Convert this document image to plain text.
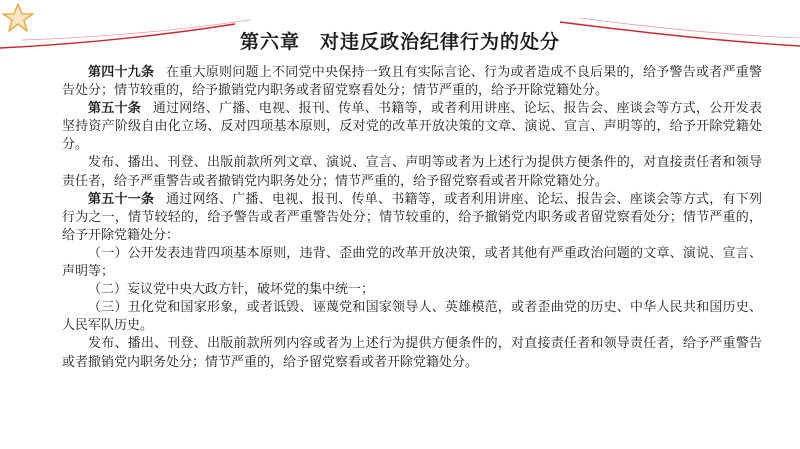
第六章　对违反政治纪律行为的处分

第四十九条 在重大原则问题上不同党中央保持一致且有实际言论、行为或者造成不良后果的，给予警告或者严重警告处分；情节较重的，给予撤销党内职务或者留党察看处分；情节严重的，给予开除党籍处分。

第五十条 通过网络、广播、电视、报刊、传单、书籍等，或者利用讲座、论坛、报告会、座谈会等方式，公开发表坚持资产阶级自由化立场、反对四项基本原则，反对党的改革开放决策的文章、演说、宣言、声明等的，给予开除党籍处分。

发布、播出、刊登、出版前款所列文章、演说、宣言、声明等或者为上述行为提供方便条件的，对直接责任者和领导责任者，给予严重警告或者撤销党内职务处分；情节严重的，给予留党察看或者开除党籍处分。

第五十一条 通过网络、广播、电视、报刊、传单、书籍等，或者利用讲座、论坛、报告会、座谈会等方式，有下列行为之一，情节较轻的，给予警告或者严重警告处分；情节较重的，给予撤销党内职务或者留党察看处分；情节严重的，给予开除党籍处分：

（一）公开发表违背四项基本原则，违背、歪曲党的改革开放决策，或者其他有严重政治问题的文章、演说、宣言、声明等；

（二）妄议党中央大政方针，破坏党的集中统一；

（三）丑化党和国家形象，或者诋毁、诬蔑党和国家领导人、英雄模范，或者歪曲党的历史、中华人民共和国历史、人民军队历史。

发布、播出、刊登、出版前款所列内容或者为上述行为提供方便条件的，对直接责任者和领导责任者，给予严重警告或者撤销党内职务处分；情节严重的，给予留党察看或者开除党籍处分。
